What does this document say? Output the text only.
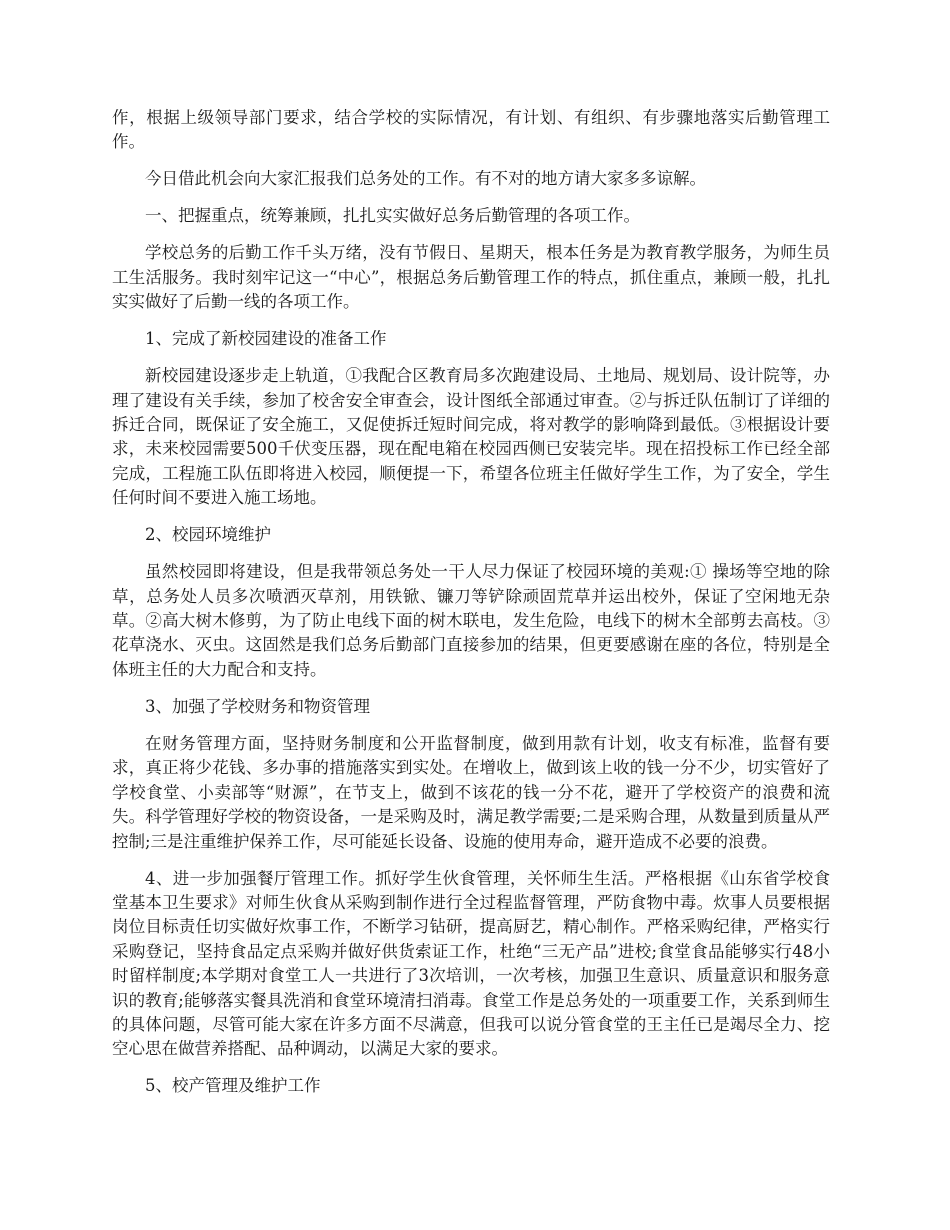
作，根据上级领导部门要求，结合学校的实际情况，有计划、有组织、有步骤地落实后勤管理工作。

今日借此机会向大家汇报我们总务处的工作。有不对的地方请大家多多谅解。

一、把握重点，统筹兼顾，扎扎实实做好总务后勤管理的各项工作。

学校总务的后勤工作千头万绪，没有节假日、星期天，根本任务是为教育教学服务，为师生员工生活服务。我时刻牢记这一“中心”，根据总务后勤管理工作的特点，抓住重点，兼顾一般，扎扎实实做好了后勤一线的各项工作。

1、完成了新校园建设的准备工作

新校园建设逐步走上轨道，①我配合区教育局多次跑建设局、土地局、规划局、设计院等，办理了建设有关手续，参加了校舍安全审查会，设计图纸全部通过审查。②与拆迁队伍制订了详细的拆迁合同，既保证了安全施工，又促使拆迁短时间完成，将对教学的影响降到最低。③根据设计要求，未来校园需要500千伏变压器，现在配电箱在校园西侧已安装完毕。现在招投标工作已经全部完成，工程施工队伍即将进入校园，顺便提一下，希望各位班主任做好学生工作，为了安全，学生任何时间不要进入施工场地。

2、校园环境维护

虽然校园即将建设，但是我带领总务处一干人尽力保证了校园环境的美观:① 操场等空地的除草，总务处人员多次喷洒灭草剂，用铁锨、镰刀等铲除顽固荒草并运出校外，保证了空闲地无杂草。②高大树木修剪，为了防止电线下面的树木联电，发生危险，电线下的树木全部剪去高枝。③花草浇水、灭虫。这固然是我们总务后勤部门直接参加的结果，但更要感谢在座的各位，特别是全体班主任的大力配合和支持。

3、加强了学校财务和物资管理

在财务管理方面，坚持财务制度和公开监督制度，做到用款有计划，收支有标准，监督有要求，真正将少花钱、多办事的措施落实到实处。在增收上，做到该上收的钱一分不少，切实管好了学校食堂、小卖部等“财源”，在节支上，做到不该花的钱一分不花，避开了学校资产的浪费和流失。科学管理好学校的物资设备，一是采购及时，满足教学需要;二是采购合理，从数量到质量从严控制;三是注重维护保养工作，尽可能延长设备、设施的使用寿命，避开造成不必要的浪费。

4、进一步加强餐厅管理工作。抓好学生伙食管理，关怀师生生活。严格根据《山东省学校食堂基本卫生要求》对师生伙食从采购到制作进行全过程监督管理，严防食物中毒。炊事人员要根据岗位目标责任切实做好炊事工作，不断学习钻研，提高厨艺，精心制作。严格采购纪律，严格实行采购登记，坚持食品定点采购并做好供货索证工作，杜绝“三无产品”进校;食堂食品能够实行48小时留样制度;本学期对食堂工人一共进行了3次培训，一次考核，加强卫生意识、质量意识和服务意识的教育;能够落实餐具洗消和食堂环境清扫消毒。食堂工作是总务处的一项重要工作，关系到师生的具体问题，尽管可能大家在许多方面不尽满意，但我可以说分管食堂的王主任已是竭尽全力、挖空心思在做营养搭配、品种调动，以满足大家的要求。

5、校产管理及维护工作
